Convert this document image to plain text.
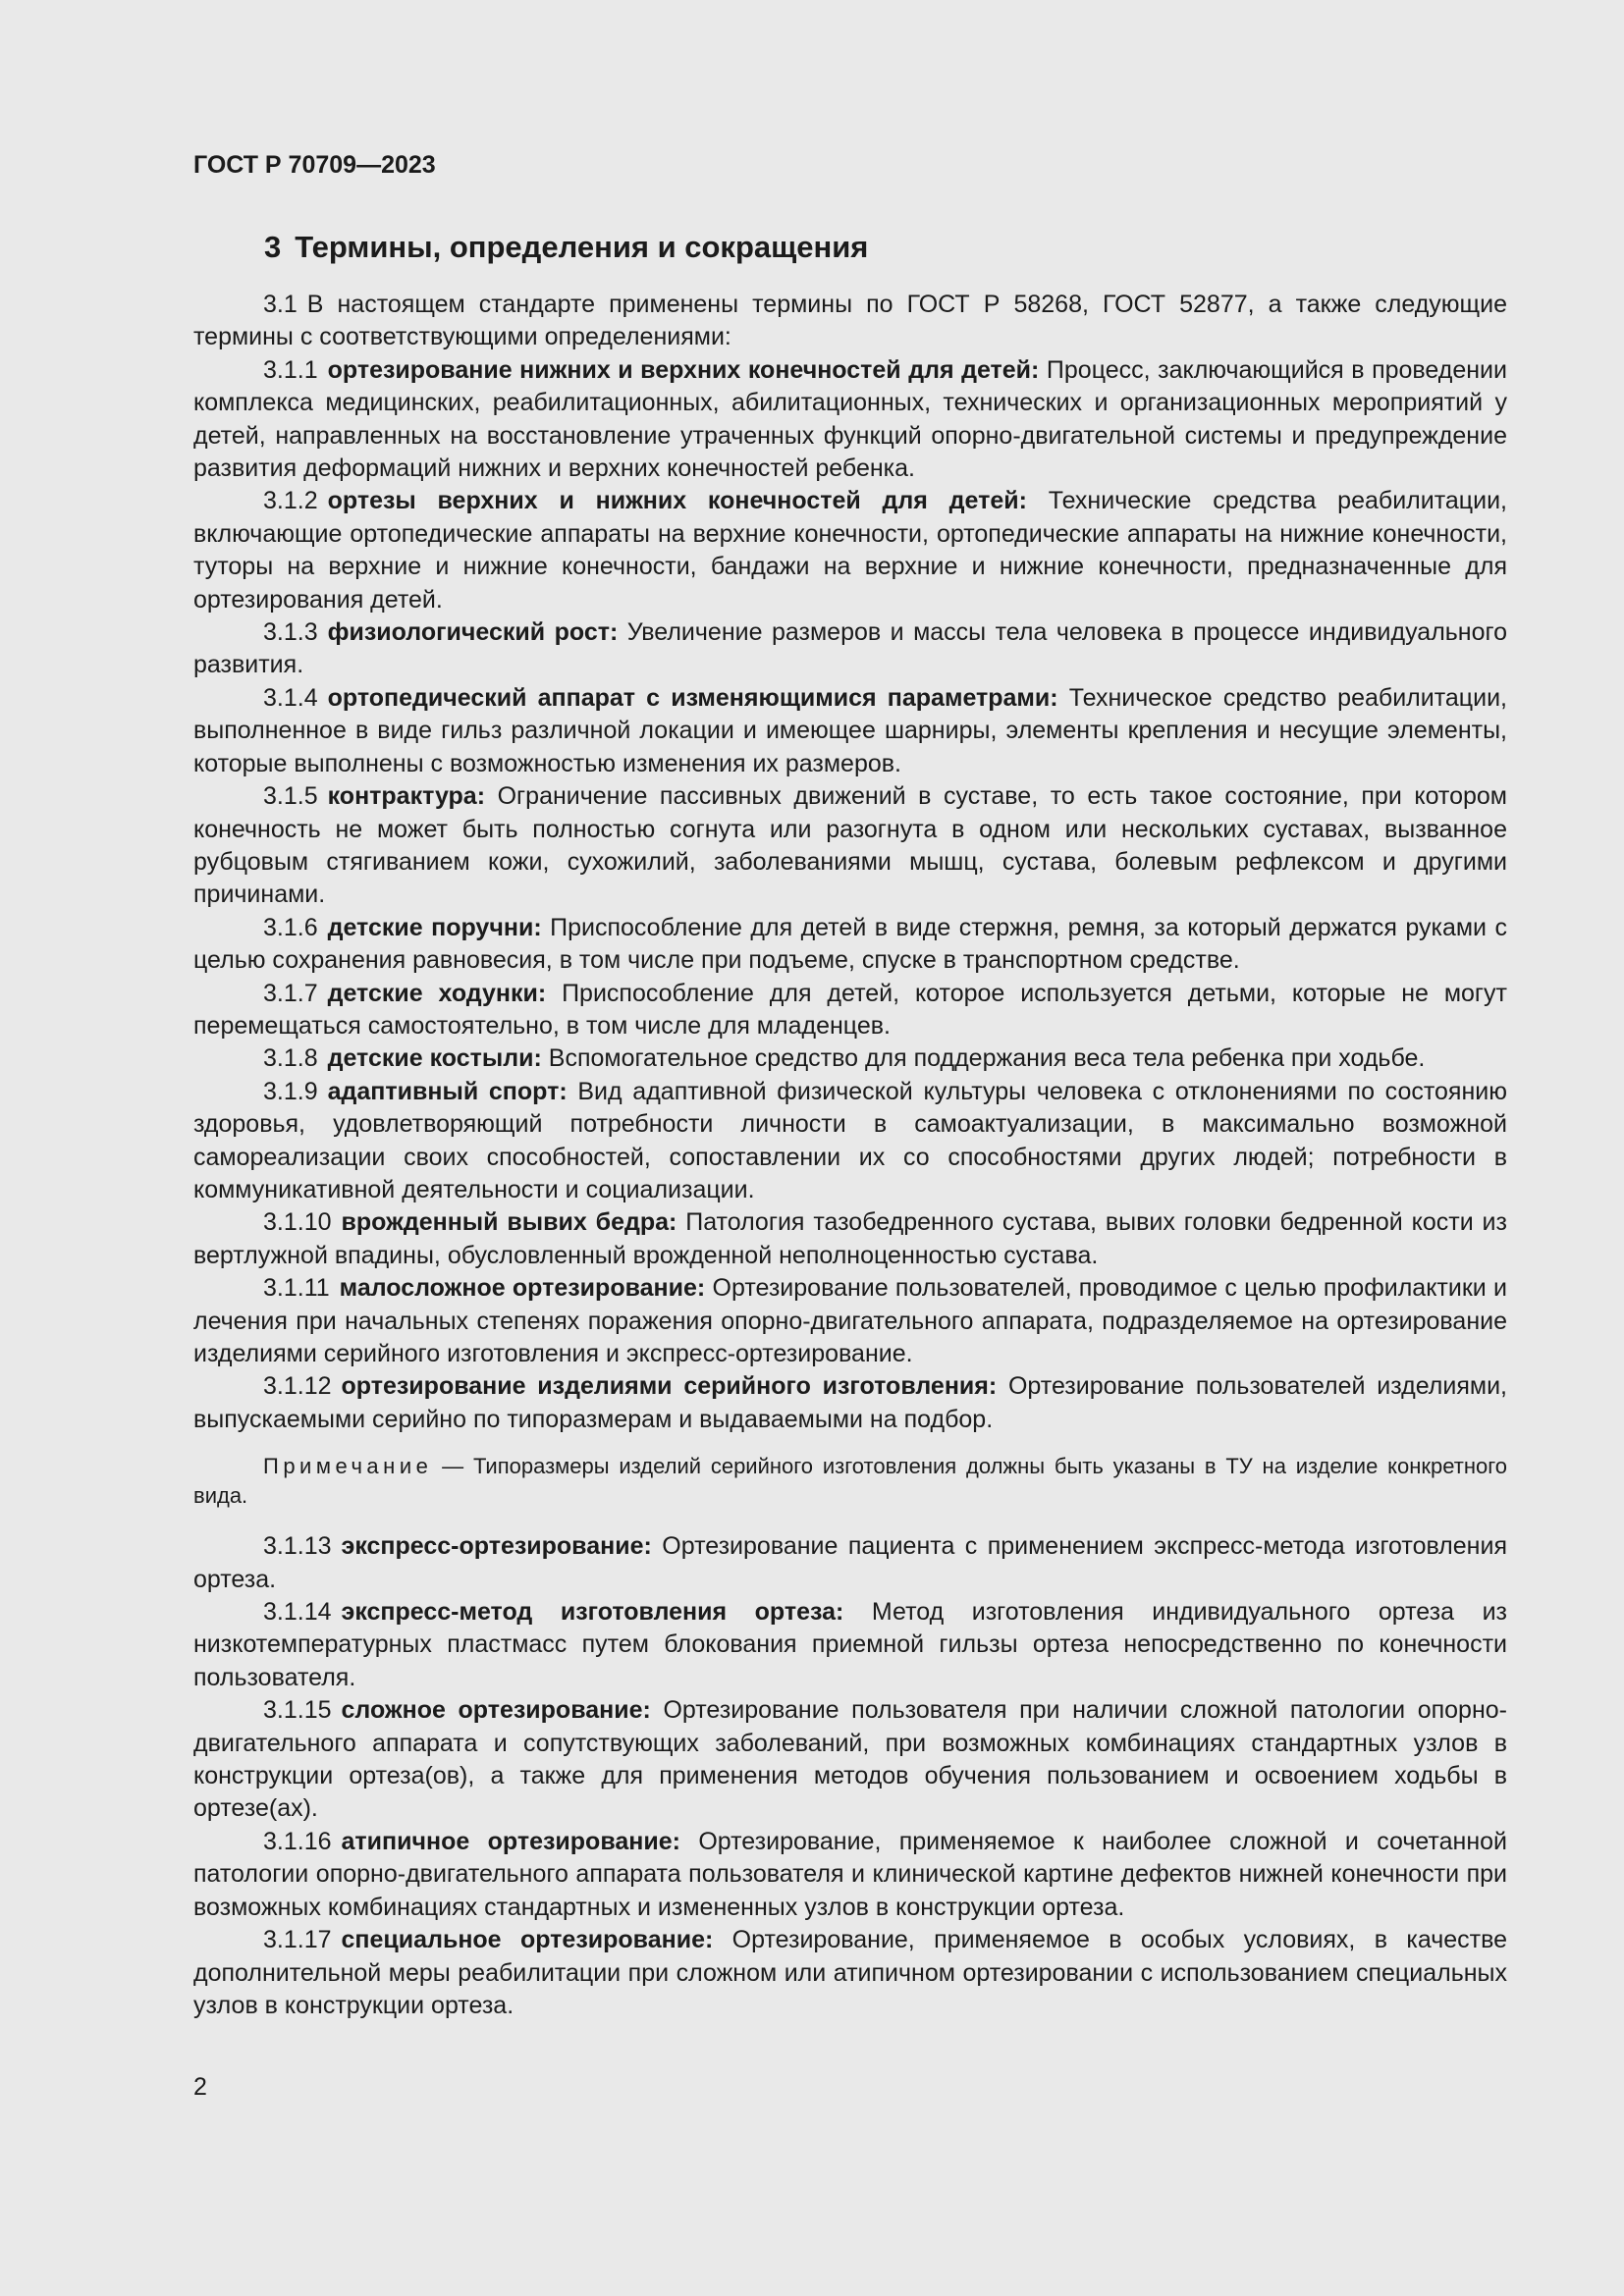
ГОСТ Р 70709—2023

3 Термины, определения и сокращения

3.1 В настоящем стандарте применены термины по ГОСТ Р 58268, ГОСТ 52877, а также следующие термины с соответствующими определениями:

3.1.1 ортезирование нижних и верхних конечностей для детей: Процесс, заключающийся в проведении комплекса медицинских, реабилитационных, абилитационных, технических и организационных мероприятий у детей, направленных на восстановление утраченных функций опорно-двигательной системы и предупреждение развития деформаций нижних и верхних конечностей ребенка.

3.1.2 ортезы верхних и нижних конечностей для детей: Технические средства реабилитации, включающие ортопедические аппараты на верхние конечности, ортопедические аппараты на нижние конечности, туторы на верхние и нижние конечности, бандажи на верхние и нижние конечности, предназначенные для ортезирования детей.

3.1.3 физиологический рост: Увеличение размеров и массы тела человека в процессе индивидуального развития.

3.1.4 ортопедический аппарат с изменяющимися параметрами: Техническое средство реабилитации, выполненное в виде гильз различной локации и имеющее шарниры, элементы крепления и несущие элементы, которые выполнены с возможностью изменения их размеров.

3.1.5 контрактура: Ограничение пассивных движений в суставе, то есть такое состояние, при котором конечность не может быть полностью согнута или разогнута в одном или нескольких суставах, вызванное рубцовым стягиванием кожи, сухожилий, заболеваниями мышц, сустава, болевым рефлексом и другими причинами.

3.1.6 детские поручни: Приспособление для детей в виде стержня, ремня, за который держатся руками с целью сохранения равновесия, в том числе при подъеме, спуске в транспортном средстве.

3.1.7 детские ходунки: Приспособление для детей, которое используется детьми, которые не могут перемещаться самостоятельно, в том числе для младенцев.

3.1.8 детские костыли: Вспомогательное средство для поддержания веса тела ребенка при ходьбе.

3.1.9 адаптивный спорт: Вид адаптивной физической культуры человека с отклонениями по состоянию здоровья, удовлетворяющий потребности личности в самоактуализации, в максимально возможной самореализации своих способностей, сопоставлении их со способностями других людей; потребности в коммуникативной деятельности и социализации.

3.1.10 врожденный вывих бедра: Патология тазобедренного сустава, вывих головки бедренной кости из вертлужной впадины, обусловленный врожденной неполноценностью сустава.

3.1.11 малосложное ортезирование: Ортезирование пользователей, проводимое с целью профилактики и лечения при начальных степенях поражения опорно-двигательного аппарата, подразделяемое на ортезирование изделиями серийного изготовления и экспресс-ортезирование.

3.1.12 ортезирование изделиями серийного изготовления: Ортезирование пользователей изделиями, выпускаемыми серийно по типоразмерам и выдаваемыми на подбор.

Примечание — Типоразмеры изделий серийного изготовления должны быть указаны в ТУ на изделие конкретного вида.

3.1.13 экспресс-ортезирование: Ортезирование пациента с применением экспресс-метода изготовления ортеза.

3.1.14 экспресс-метод изготовления ортеза: Метод изготовления индивидуального ортеза из низкотемпературных пластмасс путем блокования приемной гильзы ортеза непосредственно по конечности пользователя.

3.1.15 сложное ортезирование: Ортезирование пользователя при наличии сложной патологии опорно-двигательного аппарата и сопутствующих заболеваний, при возможных комбинациях стандартных узлов в конструкции ортеза(ов), а также для применения методов обучения пользованием и освоением ходьбы в ортезе(ах).

3.1.16 атипичное ортезирование: Ортезирование, применяемое к наиболее сложной и сочетанной патологии опорно-двигательного аппарата пользователя и клинической картине дефектов нижней конечности при возможных комбинациях стандартных и измененных узлов в конструкции ортеза.

3.1.17 специальное ортезирование: Ортезирование, применяемое в особых условиях, в качестве дополнительной меры реабилитации при сложном или атипичном ортезировании с использованием специальных узлов в конструкции ортеза.

2
